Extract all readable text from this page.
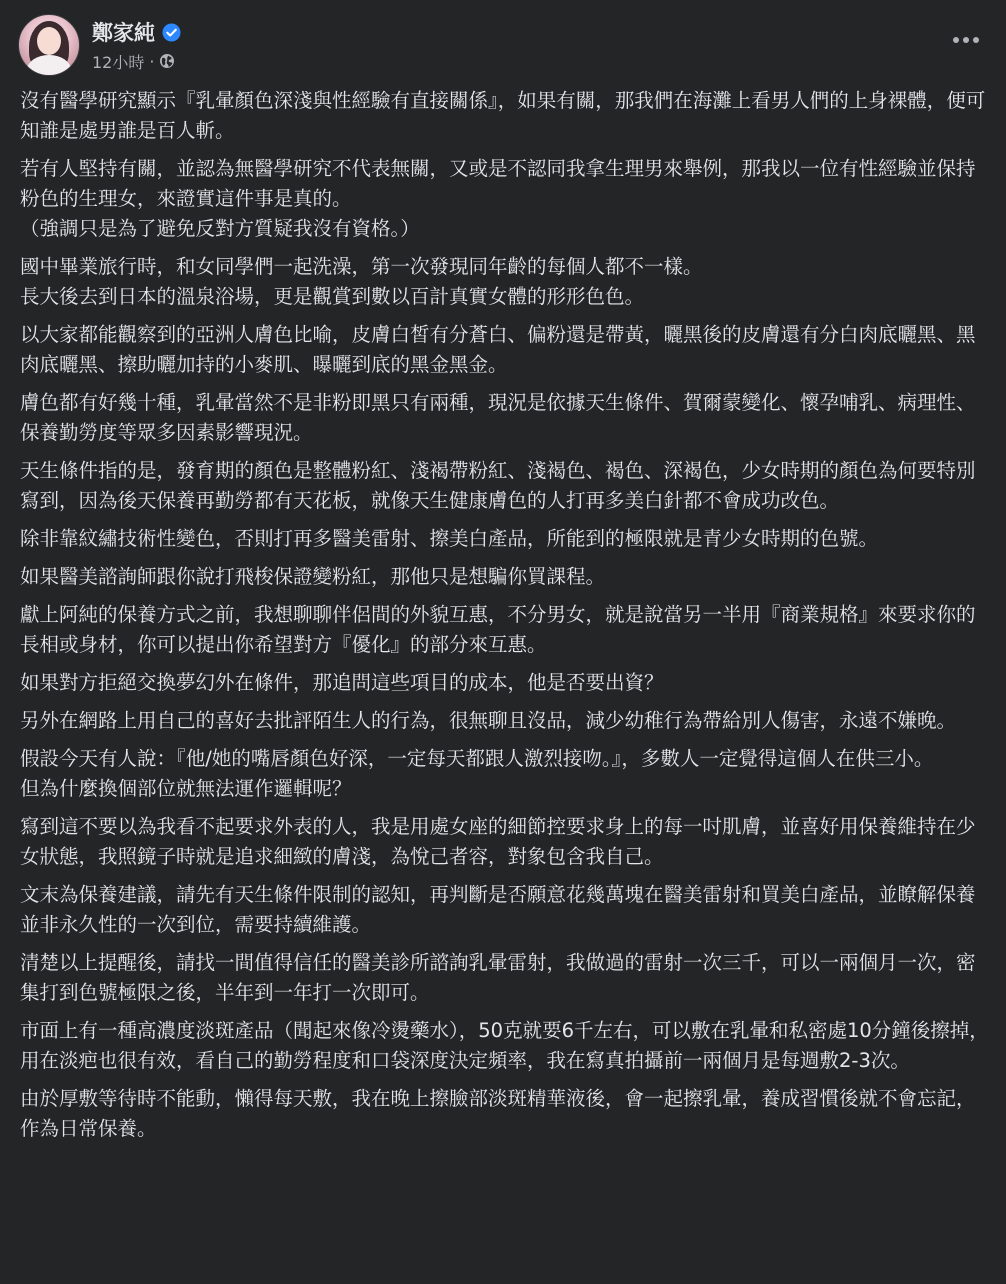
鄭家純
12小時 ·

沒有醫學研究顯示『乳暈顏色深淺與性經驗有直接關係』，如果有關，那我們在海灘上看男人們的上身裸體，便可知誰是處男誰是百人斬。

若有人堅持有關，並認為無醫學研究不代表無關，又或是不認同我拿生理男來舉例，那我以一位有性經驗並保持粉色的生理女，來證實這件事是真的。
（強調只是為了避免反對方質疑我沒有資格。）

國中畢業旅行時，和女同學們一起洗澡，第一次發現同年齡的每個人都不一樣。
長大後去到日本的溫泉浴場，更是觀賞到數以百計真實女體的形形色色。

以大家都能觀察到的亞洲人膚色比喻，皮膚白皙有分蒼白、偏粉還是帶黃，曬黑後的皮膚還有分白肉底曬黑、黑肉底曬黑、擦助曬加持的小麥肌、曝曬到底的黑金黑金。

膚色都有好幾十種，乳暈當然不是非粉即黑只有兩種，現況是依據天生條件、賀爾蒙變化、懷孕哺乳、病理性、保養勤勞度等眾多因素影響現況。

天生條件指的是，發育期的顏色是整體粉紅、淺褐帶粉紅、淺褐色、褐色、深褐色，少女時期的顏色為何要特別寫到，因為後天保養再勤勞都有天花板，就像天生健康膚色的人打再多美白針都不會成功改色。

除非靠紋繡技術性變色，否則打再多醫美雷射、擦美白產品，所能到的極限就是青少女時期的色號。

如果醫美諮詢師跟你說打飛梭保證變粉紅，那他只是想騙你買課程。

獻上阿純的保養方式之前，我想聊聊伴侶間的外貌互惠，不分男女，就是說當另一半用『商業規格』來要求你的長相或身材，你可以提出你希望對方『優化』的部分來互惠。

如果對方拒絕交換夢幻外在條件，那追問這些項目的成本，他是否要出資？

另外在網路上用自己的喜好去批評陌生人的行為，很無聊且沒品，減少幼稚行為帶給別人傷害，永遠不嫌晚。

假設今天有人說：『他/她的嘴唇顏色好深，一定每天都跟人激烈接吻。』，多數人一定覺得這個人在供三小。
但為什麼換個部位就無法運作邏輯呢？

寫到這不要以為我看不起要求外表的人，我是用處女座的細節控要求身上的每一吋肌膚，並喜好用保養維持在少女狀態，我照鏡子時就是追求細緻的膚淺，為悅己者容，對象包含我自己。

文末為保養建議，請先有天生條件限制的認知，再判斷是否願意花幾萬塊在醫美雷射和買美白產品，並瞭解保養並非永久性的一次到位，需要持續維護。

清楚以上提醒後，請找一間值得信任的醫美診所諮詢乳暈雷射，我做過的雷射一次三千，可以一兩個月一次，密集打到色號極限之後，半年到一年打一次即可。

市面上有一種高濃度淡斑產品（聞起來像冷燙藥水），50克就要6千左右，可以敷在乳暈和私密處10分鐘後擦掉，用在淡疤也很有效，看自己的勤勞程度和口袋深度決定頻率，我在寫真拍攝前一兩個月是每週敷2-3次。

由於厚敷等待時不能動，懶得每天敷，我在晚上擦臉部淡斑精華液後，會一起擦乳暈，養成習慣後就不會忘記，作為日常保養。
